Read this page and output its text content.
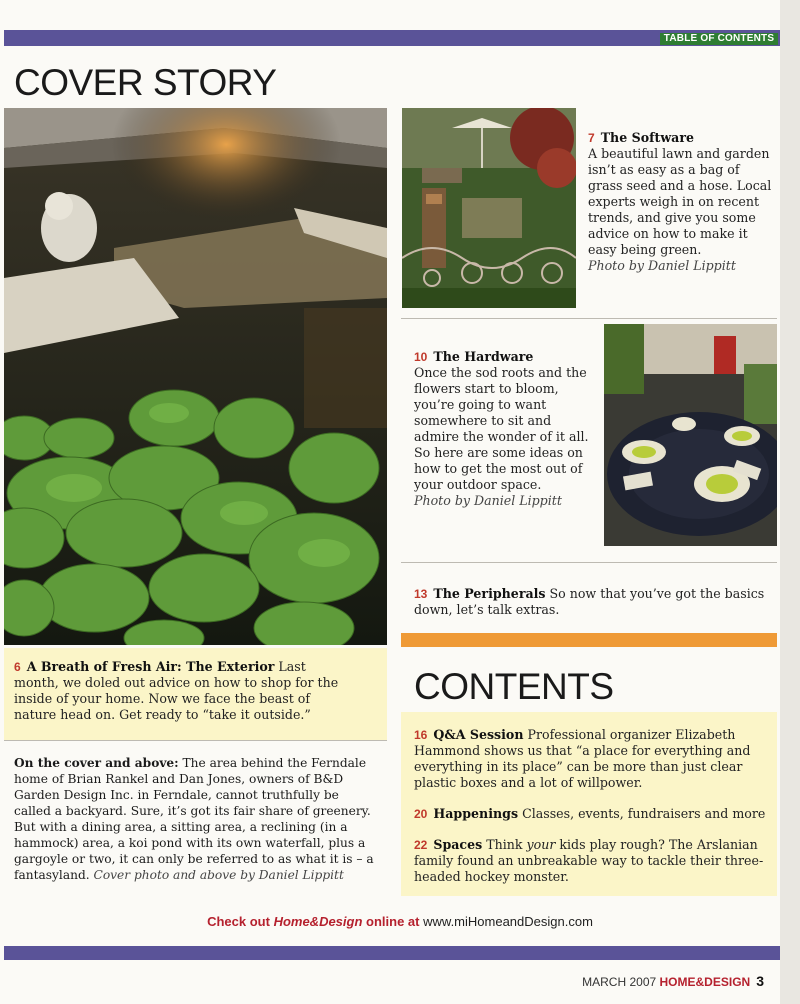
TABLE OF CONTENTS
COVER STORY
7 The Software
A beautiful lawn and garden isn’t as easy as a bag of grass seed and a hose. Local experts weigh in on recent trends, and give you some advice on how to make it easy being green.
Photo by Daniel Lippitt
10 The Hardware
Once the sod roots and the flowers start to bloom, you’re going to want somewhere to sit and admire the wonder of it all. So here are some ideas on how to get the most out of your outdoor space.
Photo by Daniel Lippitt
13 The Peripherals So now that you’ve got the basics down, let’s talk extras.
6 A Breath of Fresh Air: The Exterior Last month, we doled out advice on how to shop for the inside of your home. Now we face the beast of nature head on. Get ready to “take it outside.”
On the cover and above: The area behind the Ferndale home of Brian Rankel and Dan Jones, owners of B&D Garden Design Inc. in Ferndale, cannot truthfully be called a backyard. Sure, it’s got its fair share of greenery. But with a dining area, a sitting area, a reclining (in a hammock) area, a koi pond with its own waterfall, plus a gargoyle or two, it can only be referred to as what it is – a fantasyland. Cover photo and above by Daniel Lippitt
CONTENTS
16 Q&A Session Professional organizer Elizabeth Hammond shows us that “a place for everything and everything in its place” can be more than just clear plastic boxes and a lot of willpower.
20 Happenings Classes, events, fundraisers and more
22 Spaces Think your kids play rough? The Arslanian family found an unbreakable way to tackle their three-headed hockey monster.
Check out Home&Design online at www.miHomeandDesign.com
MARCH 2007 HOME&DESIGN 3
